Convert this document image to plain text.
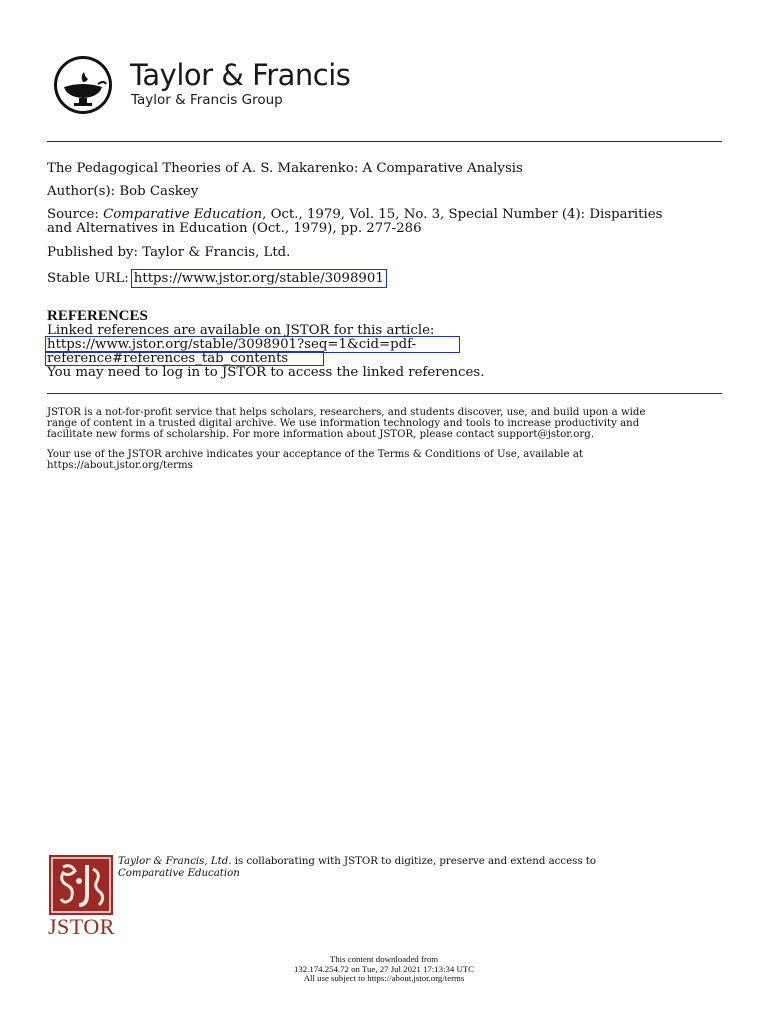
Taylor & Francis
Taylor & Francis Group
The Pedagogical Theories of A. S. Makarenko: A Comparative Analysis
Author(s): Bob Caskey
Source: Comparative Education, Oct., 1979, Vol. 15, No. 3, Special Number (4): Disparities
and Alternatives in Education (Oct., 1979), pp. 277-286
Published by: Taylor & Francis, Ltd.
Stable URL: https://www.jstor.org/stable/3098901
REFERENCES
Linked references are available on JSTOR for this article:
https://www.jstor.org/stable/3098901?seq=1&cid=pdf-
reference#references_tab_contents
You may need to log in to JSTOR to access the linked references.
JSTOR is a not-for-profit service that helps scholars, researchers, and students discover, use, and build upon a wide
range of content in a trusted digital archive. We use information technology and tools to increase productivity and
facilitate new forms of scholarship. For more information about JSTOR, please contact support@jstor.org.
Your use of the JSTOR archive indicates your acceptance of the Terms & Conditions of Use, available at
https://about.jstor.org/terms
JSTOR
Taylor & Francis, Ltd. is collaborating with JSTOR to digitize, preserve and extend access to
Comparative Education
This content downloaded from
132.174.254.72 on Tue, 27 Jul 2021 17:13:34 UTC
All use subject to https://about.jstor.org/terms
